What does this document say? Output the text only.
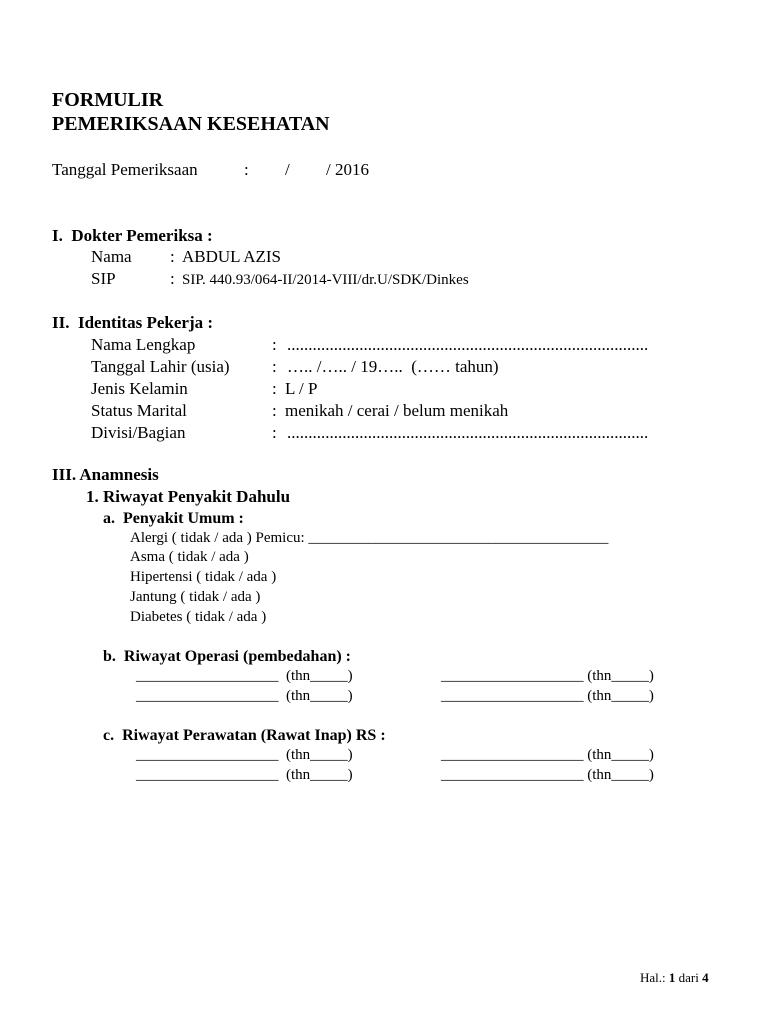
FORMULIR
PEMERIKSAAN KESEHATAN
Tanggal Pemeriksaan	: / / 2016
I.  Dokter Pemeriksa :
Nama : ABDUL AZIS
SIP	: SIP. 440.93/064-II/2014-VIII/dr.U/SDK/Dinkes
II.  Identitas Pekerja :
Nama Lengkap	: .....................................................................................
Tanggal Lahir (usia) : ….. /….. / 19…..  (…… tahun)
Jenis Kelamin	: L / P
Status Marital	: menikah / cerai / belum menikah
Divisi/Bagian	: .....................................................................................
III. Anamnesis
1. Riwayat Penyakit Dahulu
a.  Penyakit Umum :
Alergi ( tidak / ada ) Pemicu: ________________________________________
Asma ( tidak / ada )
Hipertensi ( tidak / ada )
Jantung ( tidak / ada )
Diabetes ( tidak / ada )
b.  Riwayat Operasi (pembedahan) :
___________________  (thn_____)	___________________ (thn_____)
___________________  (thn_____)	___________________ (thn_____)
c.  Riwayat Perawatan (Rawat Inap) RS :
___________________  (thn_____)	___________________ (thn_____)
___________________  (thn_____)	___________________ (thn_____)
Hal.: 1 dari 4
